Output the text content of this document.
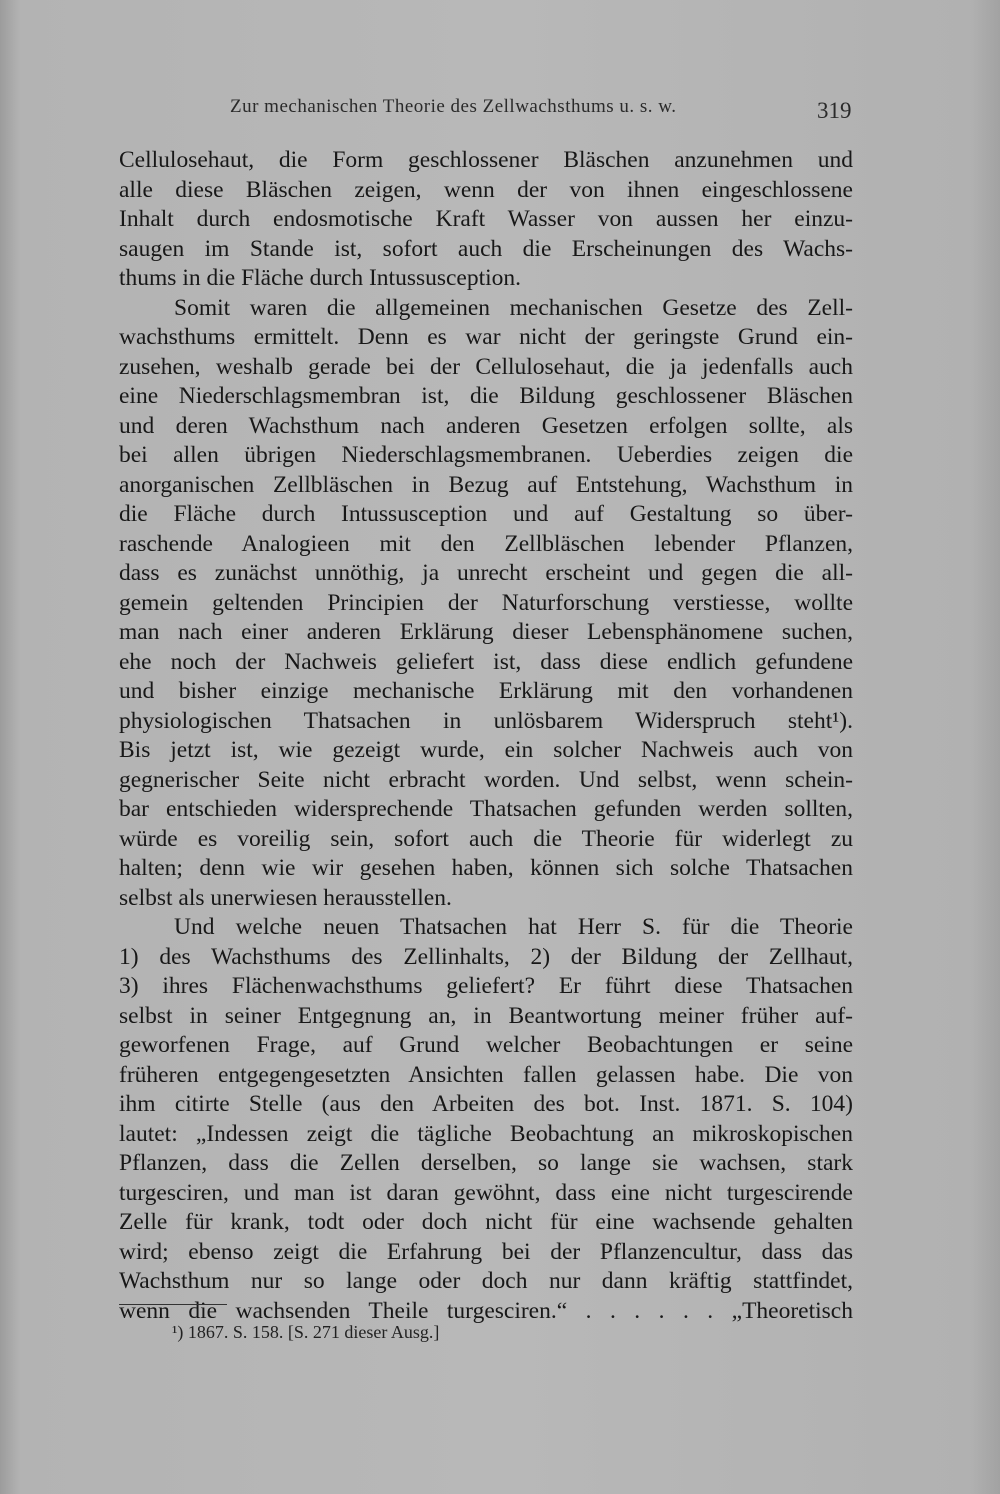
Zur mechanischen Theorie des Zellwachsthums u. s. w.	319
Cellulosehaut, die Form geschlossener Bläschen anzunehmen und
alle diese Bläschen zeigen, wenn der von ihnen eingeschlossene
Inhalt durch endosmotische Kraft Wasser von aussen her einzu-
saugen im Stande ist, sofort auch die Erscheinungen des Wachs-
thums in die Fläche durch Intussusception.
Somit waren die allgemeinen mechanischen Gesetze des Zell-
wachsthums ermittelt. Denn es war nicht der geringste Grund ein-
zusehen, weshalb gerade bei der Cellulosehaut, die ja jedenfalls auch
eine Niederschlagsmembran ist, die Bildung geschlossener Bläschen
und deren Wachsthum nach anderen Gesetzen erfolgen sollte, als
bei allen übrigen Niederschlagsmembranen. Ueberdies zeigen die
anorganischen Zellbläschen in Bezug auf Entstehung, Wachsthum in
die Fläche durch Intussusception und auf Gestaltung so über-
raschende Analogieen mit den Zellbläschen lebender Pflanzen,
dass es zunächst unnöthig, ja unrecht erscheint und gegen die all-
gemein geltenden Principien der Naturforschung verstiesse, wollte
man nach einer anderen Erklärung dieser Lebensphänomene suchen,
ehe noch der Nachweis geliefert ist, dass diese endlich gefundene
und bisher einzige mechanische Erklärung mit den vorhandenen
physiologischen Thatsachen in unlösbarem Widerspruch steht¹).
Bis jetzt ist, wie gezeigt wurde, ein solcher Nachweis auch von
gegnerischer Seite nicht erbracht worden. Und selbst, wenn schein-
bar entschieden widersprechende Thatsachen gefunden werden sollten,
würde es voreilig sein, sofort auch die Theorie für widerlegt zu
halten; denn wie wir gesehen haben, können sich solche Thatsachen
selbst als unerwiesen herausstellen.
Und welche neuen Thatsachen hat Herr S. für die Theorie
1) des Wachsthums des Zellinhalts, 2) der Bildung der Zellhaut,
3) ihres Flächenwachsthums geliefert? Er führt diese Thatsachen
selbst in seiner Entgegnung an, in Beantwortung meiner früher auf-
geworfenen Frage, auf Grund welcher Beobachtungen er seine
früheren entgegengesetzten Ansichten fallen gelassen habe. Die von
ihm citirte Stelle (aus den Arbeiten des bot. Inst. 1871. S. 104)
lautet: „Indessen zeigt die tägliche Beobachtung an mikroskopischen
Pflanzen, dass die Zellen derselben, so lange sie wachsen, stark
turgesciren, und man ist daran gewöhnt, dass eine nicht turgescirende
Zelle für krank, todt oder doch nicht für eine wachsende gehalten
wird; ebenso zeigt die Erfahrung bei der Pflanzencultur, dass das
Wachsthum nur so lange oder doch nur dann kräftig stattfindet,
wenn die wachsenden Theile turgesciren.“ . . . . . . „Theoretisch
¹) 1867. S. 158. [S. 271 dieser Ausg.]
